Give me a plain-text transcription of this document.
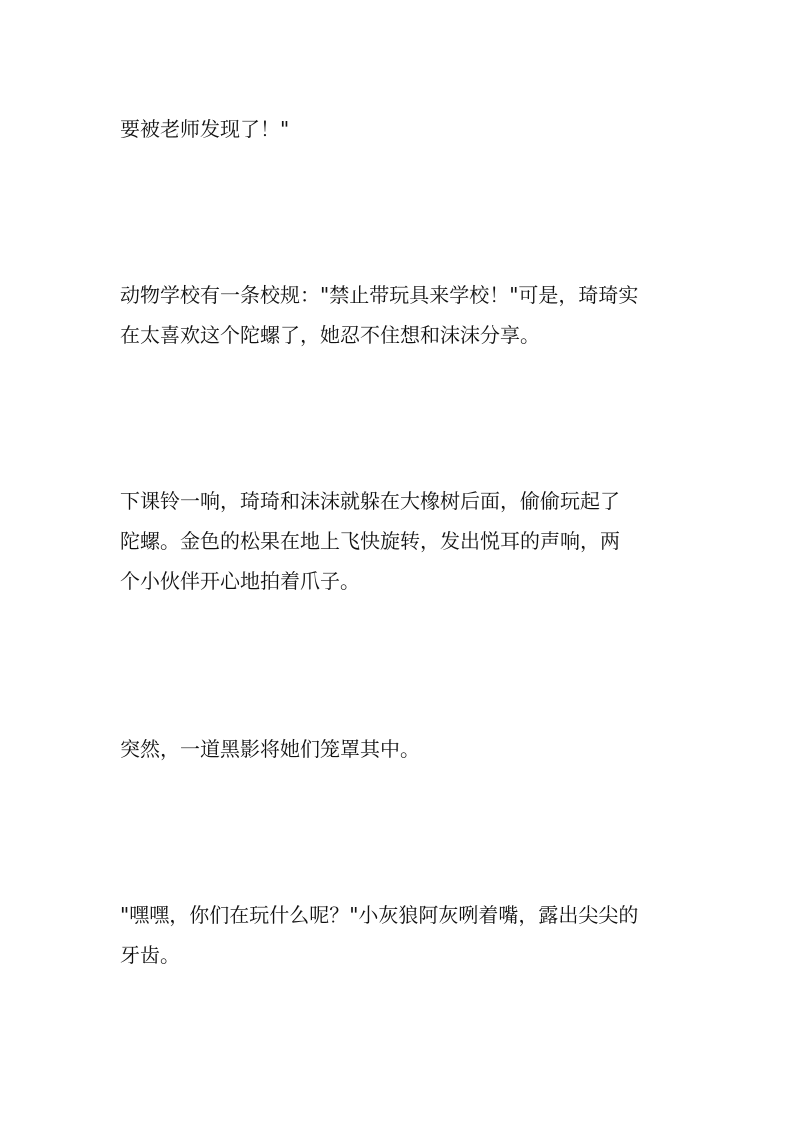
要被老师发现了！"

动物学校有一条校规："禁止带玩具来学校！"可是，琦琦实
在太喜欢这个陀螺了，她忍不住想和沫沫分享。

下课铃一响，琦琦和沫沫就躲在大橡树后面，偷偷玩起了
陀螺。金色的松果在地上飞快旋转，发出悦耳的声响，两
个小伙伴开心地拍着爪子。

突然，一道黑影将她们笼罩其中。

"嘿嘿，你们在玩什么呢？"小灰狼阿灰咧着嘴，露出尖尖的
牙齿。
